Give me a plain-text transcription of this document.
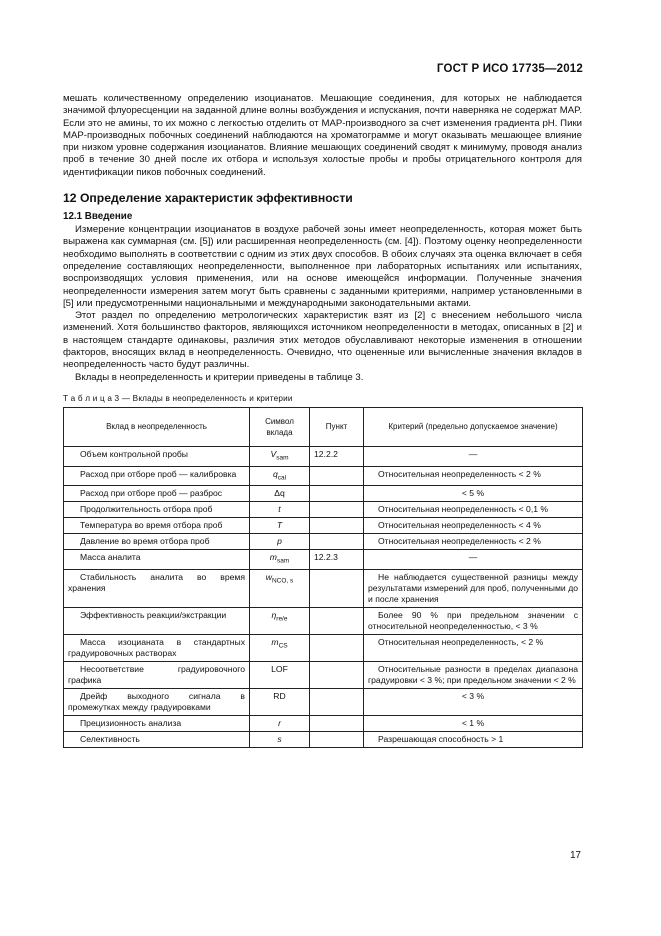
ГОСТ Р ИСО 17735—2012

мешать количественному определению изоцианатов. Мешающие соединения, для которых не наблюдается значимой флуоресценции на заданной длине волны возбуждения и испускания, почти наверняка не содержат MAP. Если это не амины, то их можно с легкостью отделить от MAP-производного за счет изменения градиента рН. Пики MAP-производных побочных соединений наблюдаются на хроматограмме и могут оказывать мешающее влияние при низком уровне содержания изоцианатов. Влияние мешающих соединений сводят к минимуму, проводя анализ проб в течение 30 дней после их отбора и используя холостые пробы и пробы отрицательного контроля для идентификации пиков побочных соединений.

12 Определение характеристик эффективности
12.1 Введение

Измерение концентрации изоцианатов в воздухе рабочей зоны имеет неопределенность, которая может быть выражена как суммарная (см. [5]) или расширенная неопределенность (см. [4]). Поэтому оценку неопределенности необходимо выполнять в соответствии с одним из этих двух способов. В обоих случаях эта оценка включает в себя определение составляющих неопределенности, выполненное при лабораторных испытаниях или испытаниях, воспроизводящих условия применения, или на основе имеющейся информации. Полученные значения неопределенности измерения затем могут быть сравнены с заданными критериями, например установленными в [5] или предусмотренными национальными и международными законодательными актами.

Этот раздел по определению метрологических характеристик взят из [2] с внесением небольшого числа изменений. Хотя большинство факторов, являющихся источником неопределенности в методах, описанных в [2] и в настоящем стандарте одинаковы, различия этих методов обуславливают некоторые изменения в отношении факторов, вносящих вклад в неопределенность. Очевидно, что оцененные или вычисленные значения вкладов в неопределенность часто будут различны.

Вклады в неопределенность и критерии приведены в таблице 3.

Т а б л и ц а 3 — Вклады в неопределенность и критерии
Вклад в неопределенность	Символ вклада	Пункт	Критерий (предельно допускаемое значение)
Объем контрольной пробы	$V_{sam}$	12.2.2	—
Расход при отборе проб — калибровка	$q_{cal}$		Относительная неопределенность < 2 %
Расход при отборе проб — разброс	Δq		< 5 %
Продолжительность отбора проб	t		Относительная неопределенность < 0,1 %
Температура во время отбора проб	T		Относительная неопределенность < 4 %
Давление во время отбора проб	p		Относительная неопределенность < 2 %
Масса аналита	$m_{sam}$	12.2.3	—
Стабильность аналита во время хранения	$w_{NCO, s}$		Не наблюдается существенной разницы между результатами измерений для проб, полученными до и после хранения
Эффективность реакции/экстракции	$\eta_{re/e}$		Более 90 % при предельном значении с относительной неопределенностью, < 3 %
Масса изоцианата в стандартных градуировочных растворах	$m_{CS}$		Относительная неопределенность, < 2 %
Несоответствие градуировочного графика	LOF		Относительные разности в пределах диапазона градуировки < 3 %; при предельном значении < 2 %
Дрейф выходного сигнала в промежутках между градуировками	RD		< 3 %
Прецизионность анализа	r		< 1 %
Селективность	s		Разрешающая способность > 1
17
